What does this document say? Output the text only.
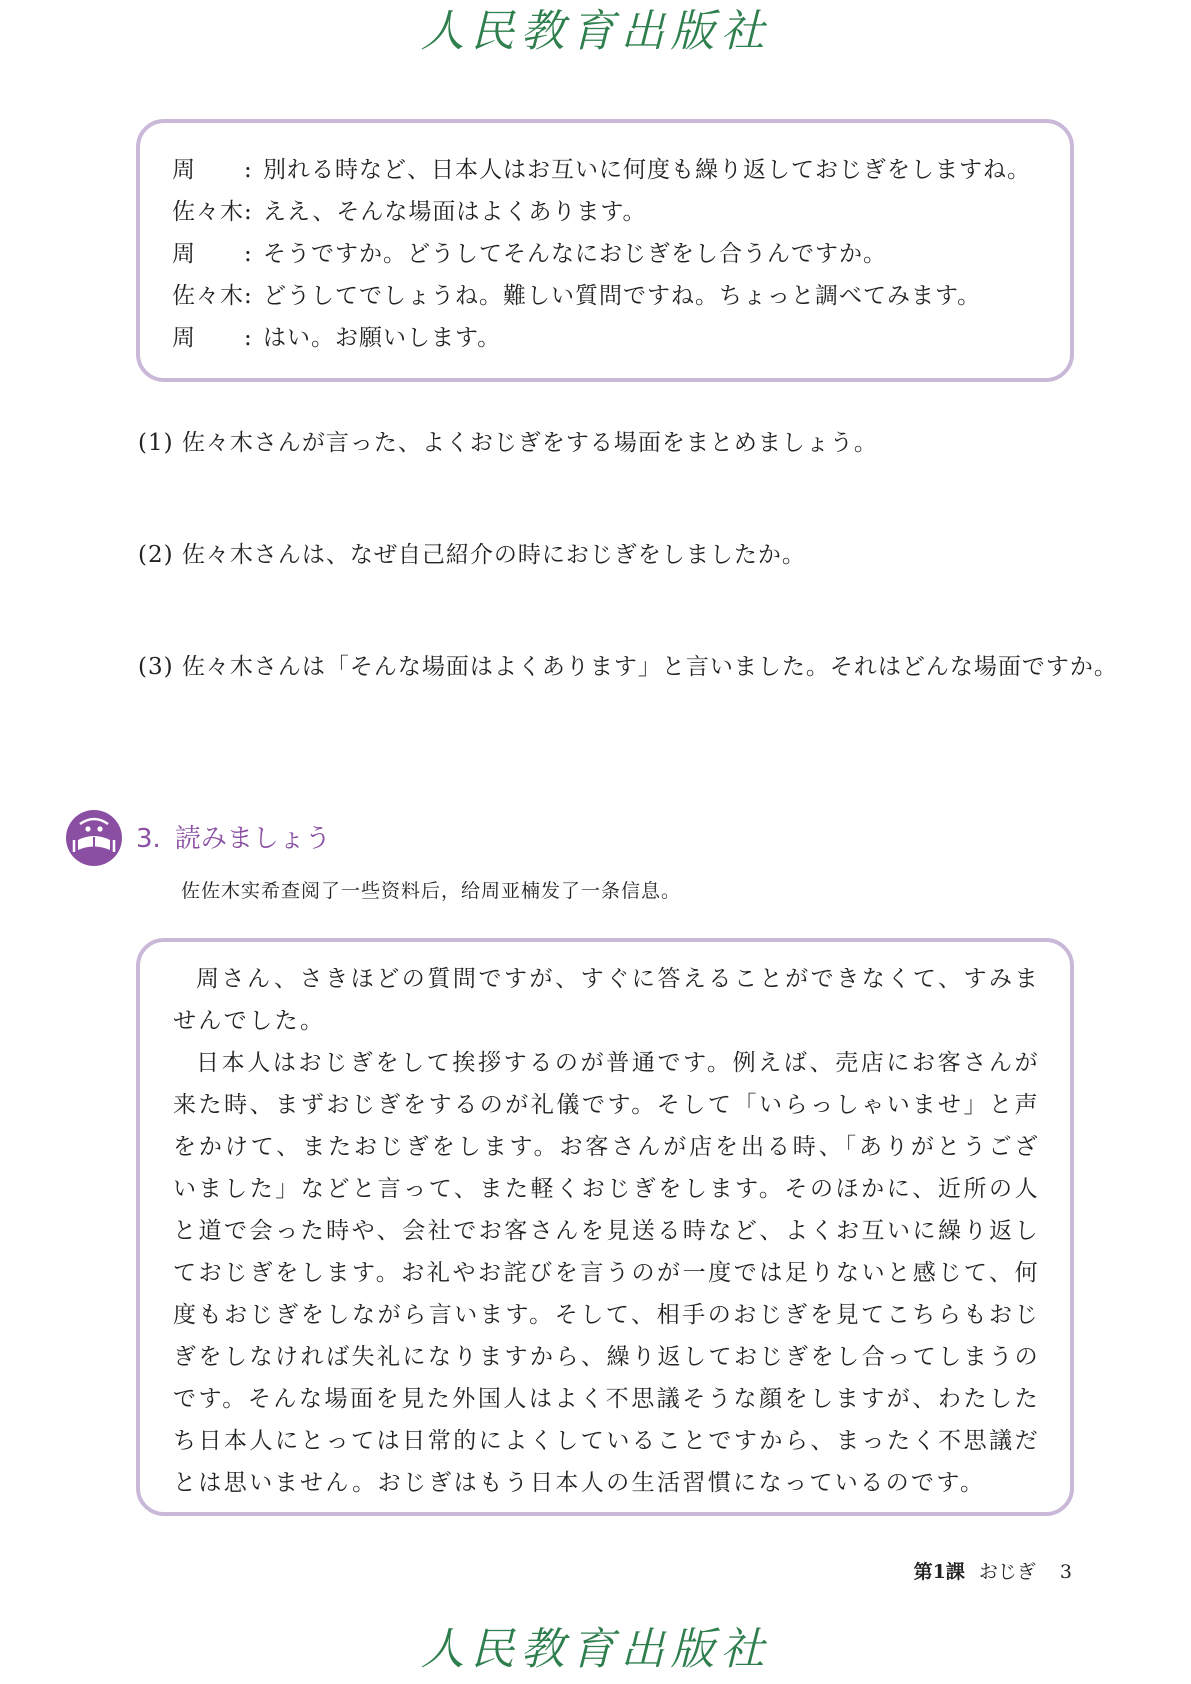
人民教育出版社
周　　: 別れる時など、日本人はお互いに何度も繰り返しておじぎをしますね。
佐々木: ええ、そんな場面はよくあります。
周　　: そうですか。どうしてそんなにおじぎをし合うんですか。
佐々木: どうしてでしょうね。難しい質問ですね。ちょっと調べてみます。
周　　: はい。お願いします。
(1) 佐々木さんが言った、よくおじぎをする場面をまとめましょう。
(2) 佐々木さんは、なぜ自己紹介の時におじぎをしましたか。
(3) 佐々木さんは「そんな場面はよくあります」と言いました。それはどんな場面ですか。
3. 読みましょう
佐佐木实希查阅了一些资料后，给周亚楠发了一条信息。

周さん、さきほどの質問ですが、すぐに答えることができなくて、すみませんでした。

日本人はおじぎをして挨拶するのが普通です。例えば、売店にお客さんが来た時、まずおじぎをするのが礼儀です。そして「いらっしゃいませ」と声をかけて、またおじぎをします。お客さんが店を出る時、「ありがとうございました」などと言って、また軽くおじぎをします。そのほかに、近所の人と道で会った時や、会社でお客さんを見送る時など、よくお互いに繰り返しておじぎをします。お礼やお詫びを言うのが一度では足りないと感じて、何度もおじぎをしながら言います。そして、相手のおじぎを見てこちらもおじぎをしなければ失礼になりますから、繰り返しておじぎをし合ってしまうのです。そんな場面を見た外国人はよく不思議そうな顔をしますが、わたしたち日本人にとっては日常的によくしていることですから、まったく不思議だとは思いません。おじぎはもう日本人の生活習慣になっているのです。

第1課 おじぎ 3
人民教育出版社
